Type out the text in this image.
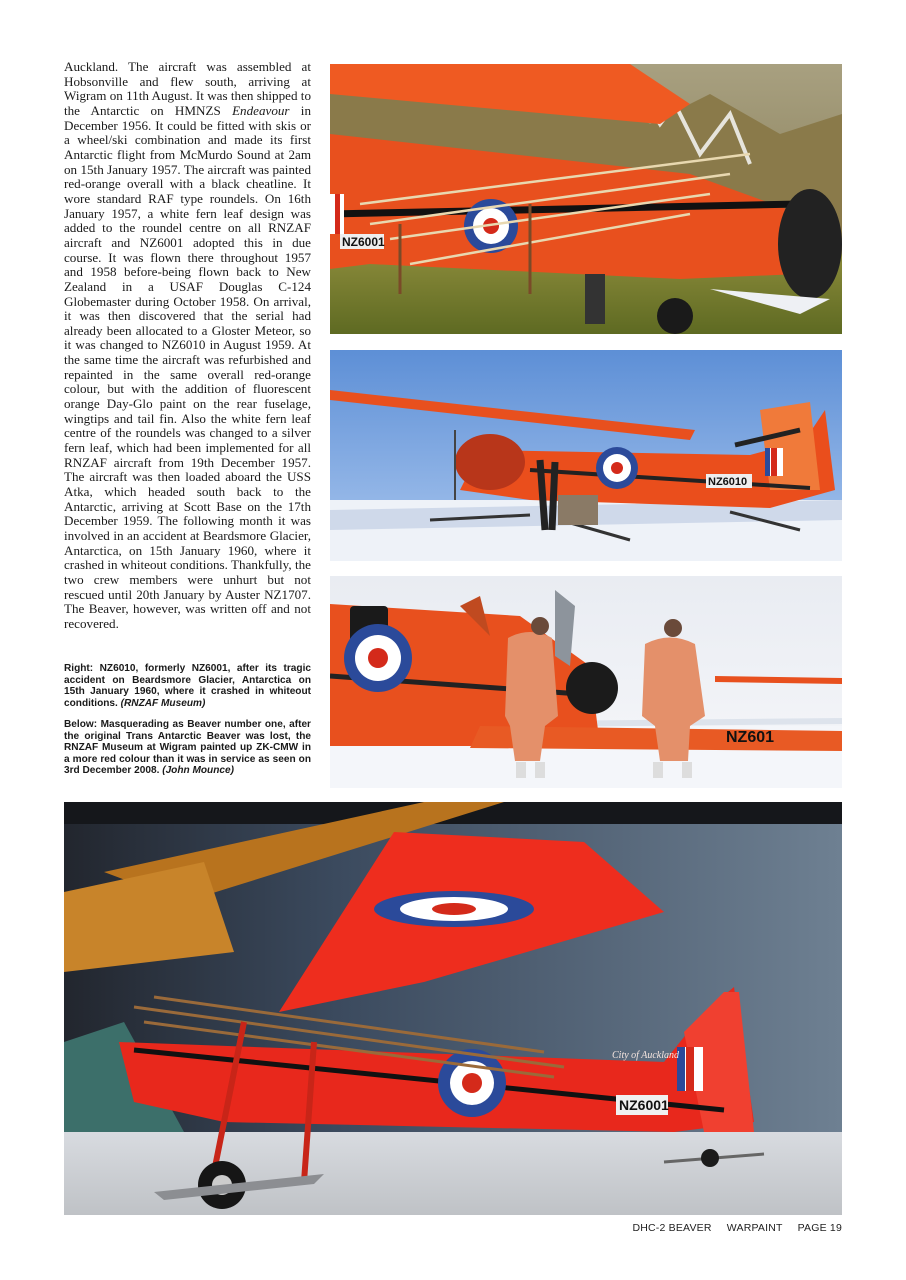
Auckland. The aircraft was assembled at Hobsonville and flew south, arriving at Wigram on 11th August. It was then shipped to the Antarctic on HMNZS Endeavour in December 1956. It could be fitted with skis or a wheel/ski combination and made its first Antarctic flight from McMurdo Sound at 2am on 15th January 1957. The aircraft was painted red-orange overall with a black cheatline. It wore standard RAF type roundels. On 16th January 1957, a white fern leaf design was added to the roundel centre on all RNZAF aircraft and NZ6001 adopted this in due course. It was flown there throughout 1957 and 1958 before-being flown back to New Zealand in a USAF Douglas C-124 Globemaster during October 1958. On arrival, it was then discovered that the serial had already been allocated to a Gloster Meteor, so it was changed to NZ6010 in August 1959. At the same time the aircraft was refurbished and repainted in the same overall red-orange colour, but with the addition of fluorescent orange Day-Glo paint on the rear fuselage, wingtips and tail fin. Also the white fern leaf centre of the roundels was changed to a silver fern leaf, which had been implemented for all RNZAF aircraft from 19th December 1957. The aircraft was then loaded aboard the USS Atka, which headed south back to the Antarctic, arriving at Scott Base on the 17th December 1959. The following month it was involved in an accident at Beardsmore Glacier, Antarctica, on 15th January 1960, where it crashed in whiteout conditions. Thankfully, the two crew members were unhurt but not rescued until 20th January by Auster NZ1707. The Beaver, however, was written off and not recovered.

Right: NZ6010, formerly NZ6001, after its tragic accident on Beardsmore Glacier, Antarctica on 15th January 1960, where it crashed in whiteout conditions. (RNZAF Museum)

Below: Masquerading as Beaver number one, after the original Trans Antarctic Beaver was lost, the RNZAF Museum at Wigram painted up ZK-CMW in a more red colour than it was in service as seen on 3rd December 2008. (John Mounce)

NZ6001
NZ6010
NZ601
City of Auckland
NZ6001
DHC-2 BEAVER WARPAINT PAGE 19
